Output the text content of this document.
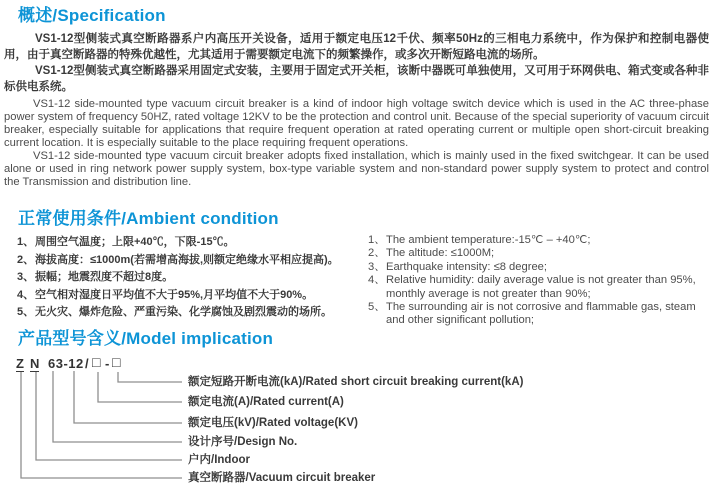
概述/Specification

VS1-12型侧装式真空断路器系户内高压开关设备，适用于额定电压12千伏、频率50Hz的三相电力系统中，作为保护和控制电器使用，由于真空断路器的特殊优越性，尤其适用于需要额定电流下的频繁操作，或多次开断短路电流的场所。

VS1-12型侧装式真空断路器采用固定式安装，主要用于固定式开关柜，该断中器既可单独使用，又可用于环网供电、箱式变或各种非标供电系统。

VS1-12 side-mounted type vacuum circuit breaker is a kind of indoor high voltage switch device which is used in the AC three-phase power system of frequency 50HZ, rated voltage 12KV to be the protection and control unit. Because of the special superiority of vacuum circuit breaker, especially suitable for applications that require frequent operation at rated operating current or multiple open short-circuit breaking current location. It is especially suitable to the place requiring frequent operations.

VS1-12 side-mounted type vacuum circuit breaker adopts fixed installation, which is mainly used in the fixed switchgear. It can be used alone or used in ring network power supply system, box-type variable system and non-standard power supply system to protect and control the Transmission and distribution line.

正常使用条件/Ambient condition
1、 周围空气温度；上限+40℃，下限-15℃。
2、 海拔高度：≤1000m(若需增高海拔,则额定绝缘水平相应提高)。
3、 振幅；地震烈度不超过8度。
4、 空气相对湿度日平均值不大于95%,月平均值不大于90%。
5、 无火灾、爆炸危险、严重污染、化学腐蚀及剧烈震动的场所。
1、 The ambient temperature:-15℃ – +40℃;
2、 The altitude: ≤1000M;
3、 Earthquake intensity: ≤8 degree;
4、 Relative humidity: daily average value is not greater than 95%, monthly average is not greater than 90%;
5、 The surrounding air is not corrosive and flammable gas, steam and other significant pollution;
产品型号含义/Model implication
Z N 63-12 / □ - □
额定短路开断电流(kA)/Rated short circuit breaking current(kA)
额定电流(A)/Rated current(A)
额定电压(kV)/Rated voltage(KV)
设计序号/Design No.
户内/Indoor
真空断路器/Vacuum circuit breaker
